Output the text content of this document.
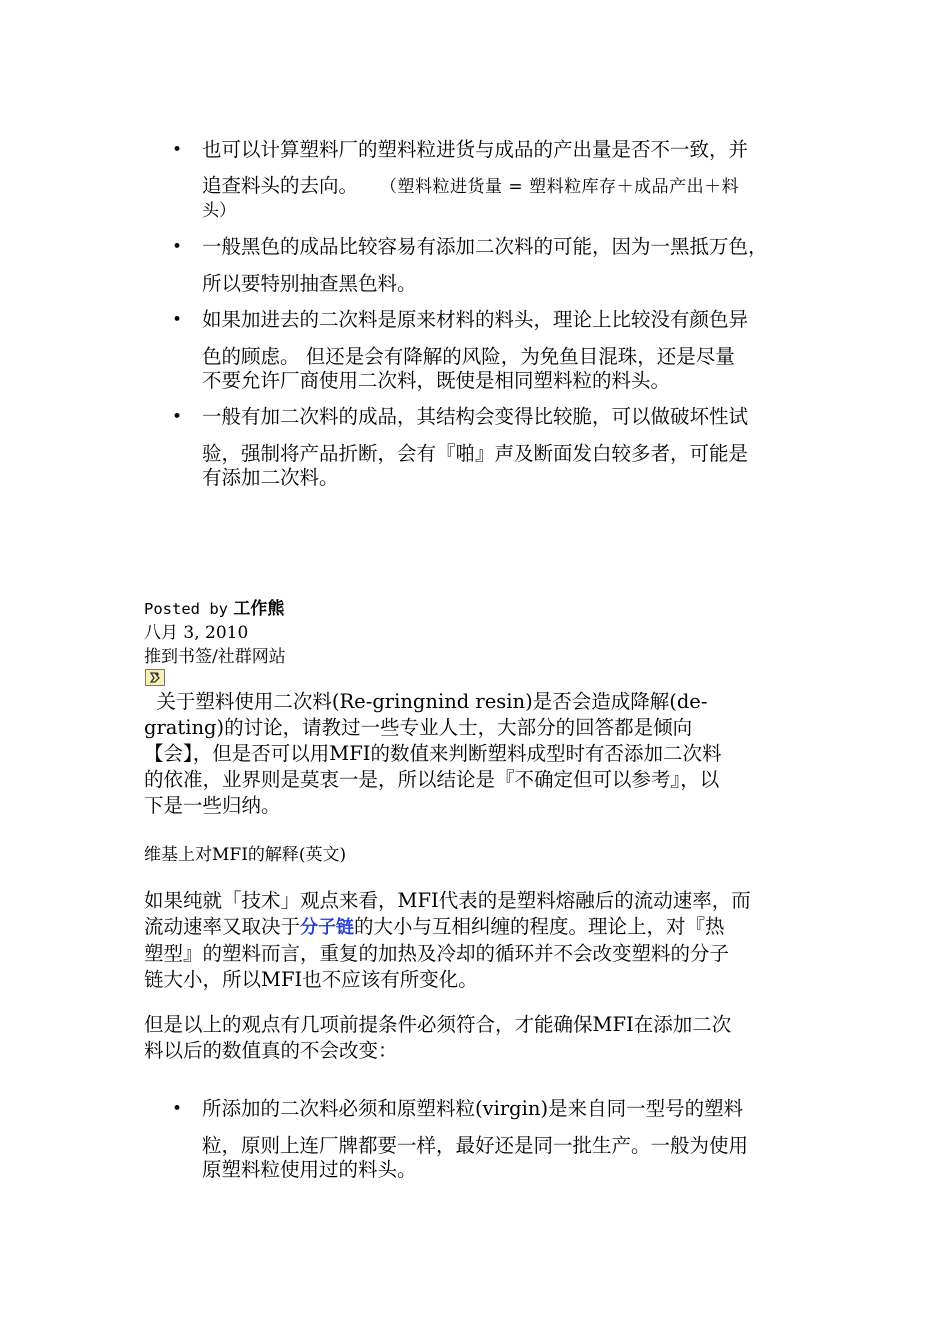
• 也可以计算塑料厂的塑料粒进货与成品的产出量是否不一致，并
追查料头的去向。 （塑料粒进货量 = 塑料粒库存＋成品产出＋料
头）
• 一般黑色的成品比较容易有添加二次料的可能，因为一黑抵万色，
所以要特别抽查黑色料。
• 如果加进去的二次料是原来材料的料头，理论上比较没有颜色异
色的顾虑。 但还是会有降解的风险，为免鱼目混珠，还是尽量
不要允许厂商使用二次料，既使是相同塑料粒的料头。
• 一般有加二次料的成品，其结构会变得比较脆，可以做破坏性试
验，强制将产品折断，会有『啪』声及断面发白较多者，可能是
有添加二次料。
Posted by 工作熊
八月 3, 2010
推到书签/社群网站
关于塑料使用二次料(Re-gringnind resin)是否会造成降解(de-
grating)的讨论，请教过一些专业人士，大部分的回答都是倾向
【会】，但是否可以用MFI的数值来判断塑料成型时有否添加二次料
的依准，业界则是莫衷一是，所以结论是『不确定但可以参考』，以
下是一些归纳。
维基上对MFI的解释(英文)
如果纯就「技术」观点来看，MFI代表的是塑料熔融后的流动速率，而
流动速率又取决于分子链的大小与互相纠缠的程度。理论上，对『热
塑型』的塑料而言，重复的加热及冷却的循环并不会改变塑料的分子
链大小，所以MFI也不应该有所变化。
但是以上的观点有几项前提条件必须符合，才能确保MFI在添加二次
料以后的数值真的不会改变：
• 所添加的二次料必须和原塑料粒(virgin)是来自同一型号的塑料
粒，原则上连厂牌都要一样，最好还是同一批生产。一般为使用
原塑料粒使用过的料头。
